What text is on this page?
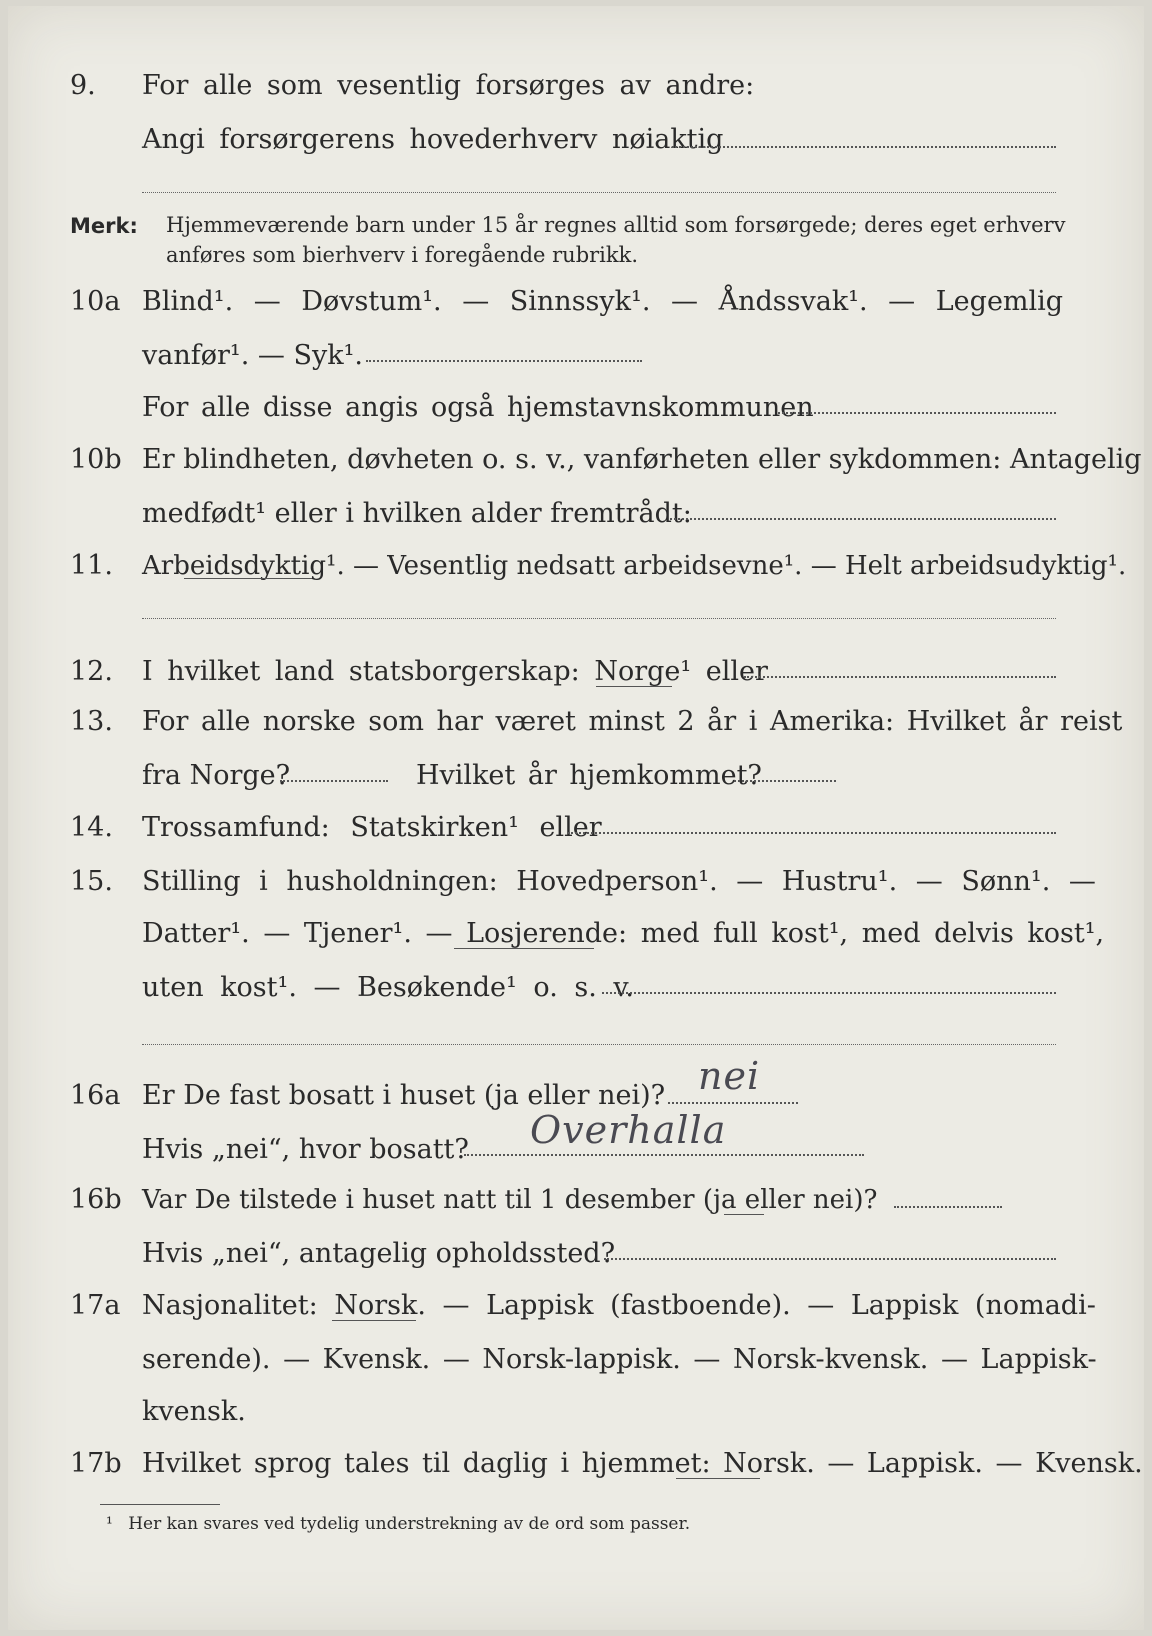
9. For alle som vesentlig forsørges av andre:
Angi forsørgerens hovederhverv nøiaktig
Merk: Hjemmeværende barn under 15 år regnes alltid som forsørgede; deres eget erhverv
anføres som bierhverv i foregående rubrikk.
10a Blind¹. — Døvstum¹. — Sinnssyk¹. — Åndssvak¹. — Legemlig
vanfør¹. — Syk¹.
For alle disse angis også hjemstavnskommunen
10b Er blindheten, døvheten o. s. v., vanførheten eller sykdommen: Antagelig
medfødt¹ eller i hvilken alder fremtrådt:
11. Arbeidsdyktig¹. — Vesentlig nedsatt arbeidsevne¹. — Helt arbeidsudyktig¹.
12. I hvilket land statsborgerskap: Norge¹ eller
13. For alle norske som har været minst 2 år i Amerika: Hvilket år reist
fra Norge?	Hvilket år hjemkommet?
14. Trossamfund: Statskirken¹ eller
15. Stilling i husholdningen: Hovedperson¹. — Hustru¹. — Sønn¹. —
Datter¹. — Tjener¹. — Losjerende: med full kost¹, med delvis kost¹,
uten kost¹. — Besøkende¹ o. s. v.
16a Er De fast bosatt i huset (ja eller nei)? nei
Hvis „nei“, hvor bosatt? Overhalla
16b Var De tilstede i huset natt til 1 desember (ja eller nei)?
Hvis „nei“, antagelig opholdssted?
17a Nasjonalitet: Norsk. — Lappisk (fastboende). — Lappisk (nomadi-
serende). — Kvensk. — Norsk-lappisk. — Norsk-kvensk. — Lappisk-
kvensk.
17b Hvilket sprog tales til daglig i hjemmet: Norsk. — Lappisk. — Kvensk.
¹ Her kan svares ved tydelig understrekning av de ord som passer.
